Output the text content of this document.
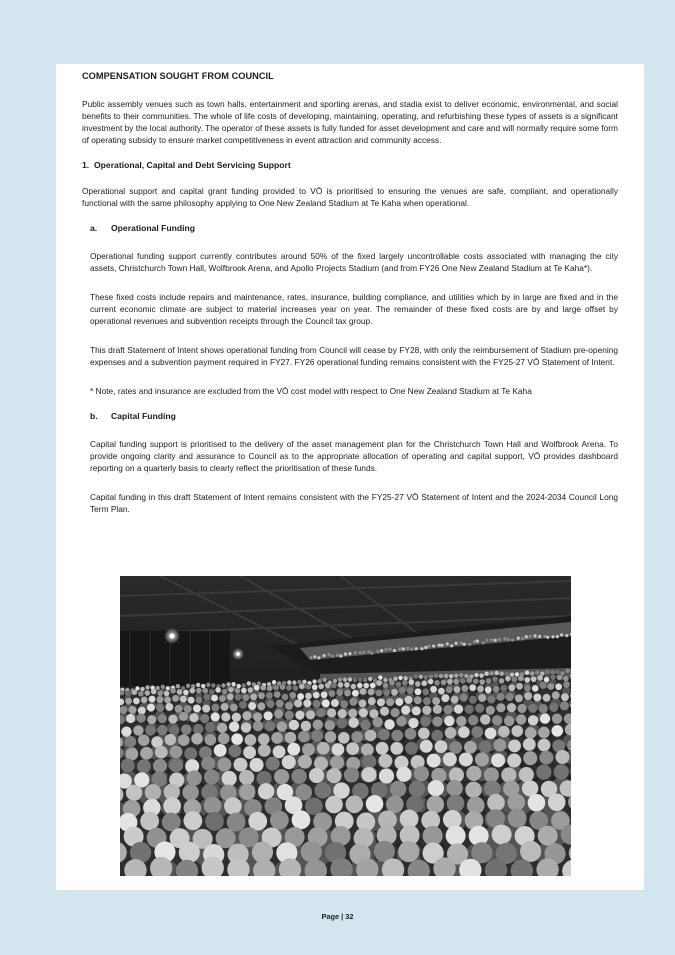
COMPENSATION SOUGHT FROM COUNCIL

Public assembly venues such as town halls, entertainment and sporting arenas, and stadia exist to deliver economic, environmental, and social benefits to their communities. The whole of life costs of developing, maintaining, operating, and refurbishing these types of assets is a significant investment by the local authority. The operator of these assets is fully funded for asset development and care and will normally require some form of operating subsidy to ensure market competitiveness in event attraction and community access.

1. Operational, Capital and Debt Servicing Support

Operational support and capital grant funding provided to VŌ is prioritised to ensuring the venues are safe, compliant, and operationally functional with the same philosophy applying to One New Zealand Stadium at Te Kaha when operational.

a. Operational Funding

Operational funding support currently contributes around 50% of the fixed largely uncontrollable costs associated with managing the city assets, Christchurch Town Hall, Wolfbrook Arena, and Apollo Projects Stadium (and from FY26 One New Zealand Stadium at Te Kaha*).

These fixed costs include repairs and maintenance, rates, insurance, building compliance, and utilities which by in large are fixed and in the current economic climate are subject to material increases year on year. The remainder of these fixed costs are by and large offset by operational revenues and subvention receipts through the Council tax group.

This draft Statement of Intent shows operational funding from Council will cease by FY28, with only the reimbursement of Stadium pre-opening expenses and a subvention payment required in FY27. FY26 operational funding remains consistent with the FY25-27 VŌ Statement of Intent.

* Note, rates and insurance are excluded from the VŌ cost model with respect to One New Zealand Stadium at Te Kaha

b. Capital Funding

Capital funding support is prioritised to the delivery of the asset management plan for the Christchurch Town Hall and Wolfbrook Arena. To provide ongoing clarity and assurance to Council as to the appropriate allocation of operating and capital support, VŌ provides dashboard reporting on a quarterly basis to clearly reflect the prioritisation of these funds.

Capital funding in this draft Statement of Intent remains consistent with the FY25-27 VŌ Statement of Intent and the 2024-2034 Council Long Term Plan.

Page | 32
